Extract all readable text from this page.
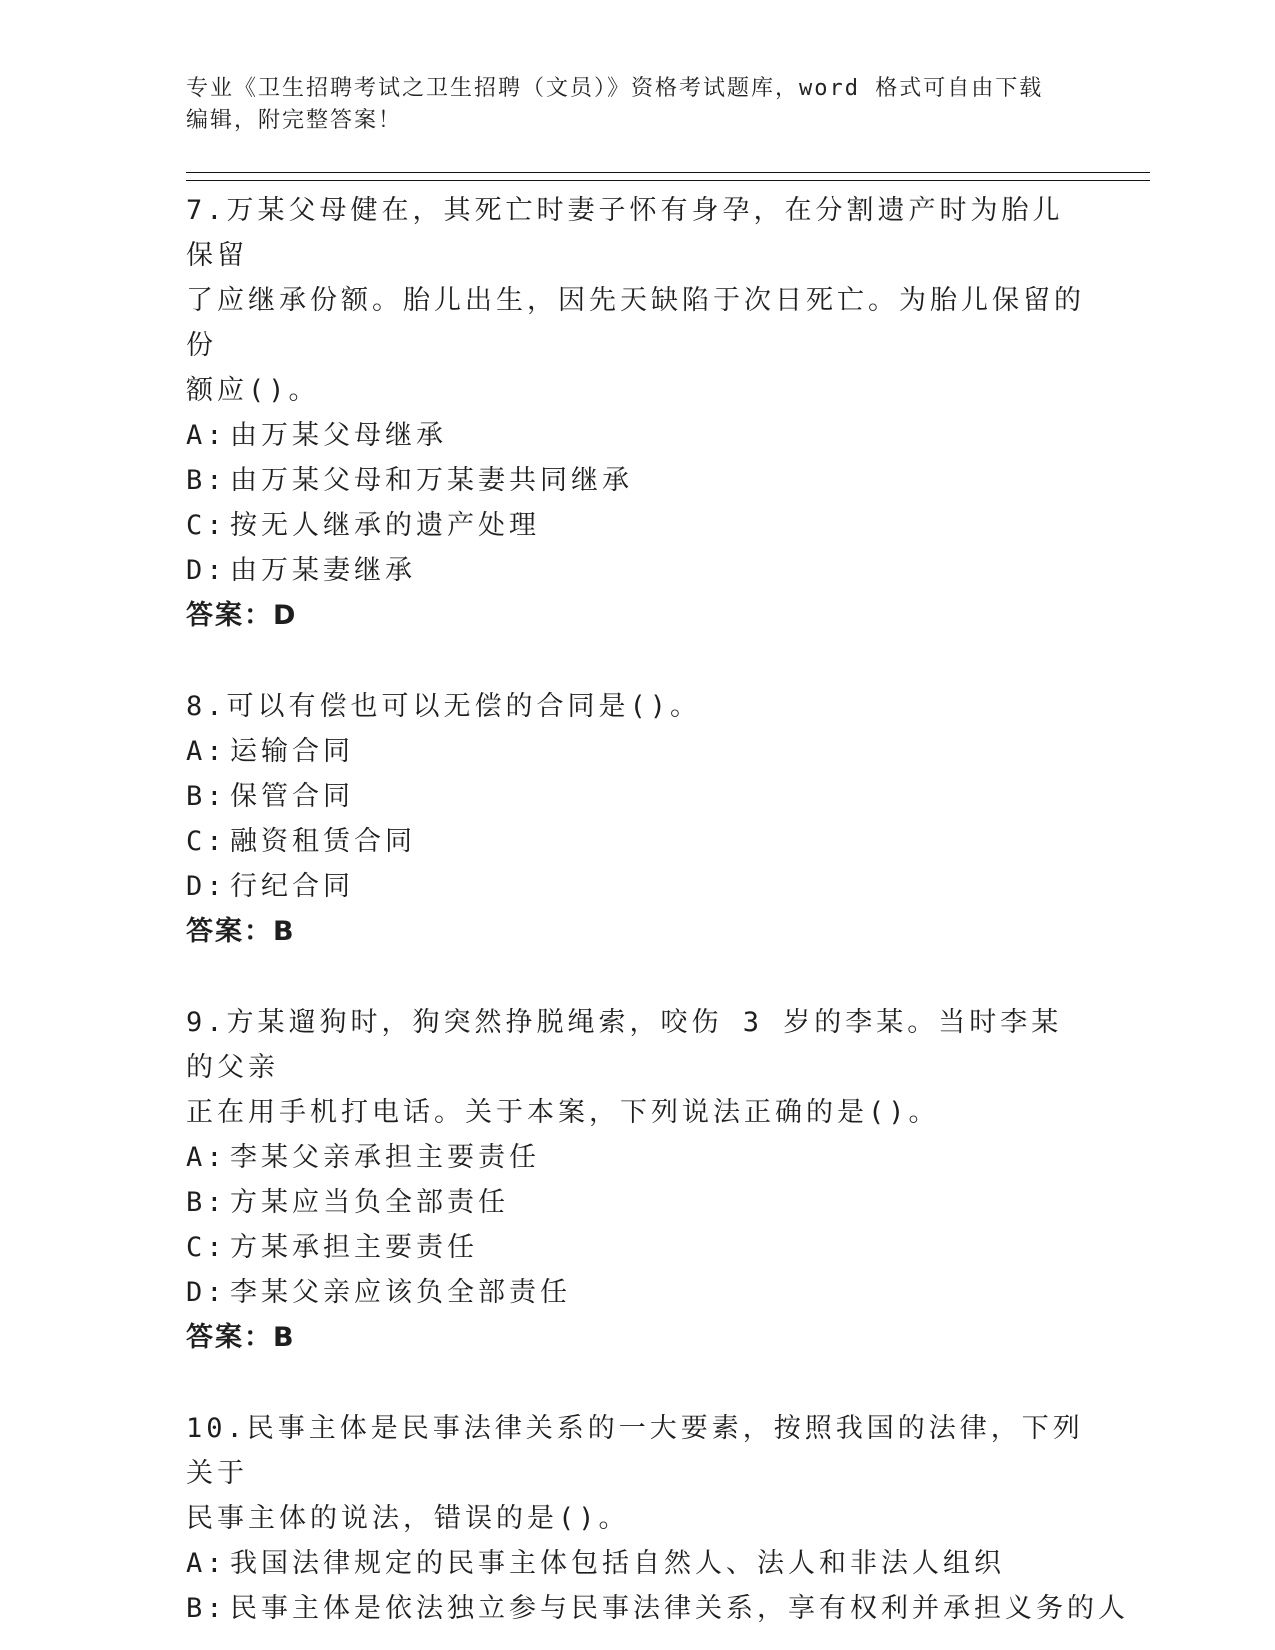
专业《卫生招聘考试之卫生招聘（文员）》资格考试题库，word 格式可自由下载
编辑，附完整答案！
7.万某父母健在，其死亡时妻子怀有身孕，在分割遗产时为胎儿保留
了应继承份额。胎儿出生，因先天缺陷于次日死亡。为胎儿保留的份
额应()。
A: 由万某父母继承
B: 由万某父母和万某妻共同继承
C: 按无人继承的遗产处理
D: 由万某妻继承
答案：D
8.可以有偿也可以无偿的合同是()。
A: 运输合同
B: 保管合同
C: 融资租赁合同
D: 行纪合同
答案：B
9.方某遛狗时，狗突然挣脱绳索，咬伤 3 岁的李某。当时李某的父亲
正在用手机打电话。关于本案，下列说法正确的是()。
A: 李某父亲承担主要责任
B: 方某应当负全部责任
C: 方某承担主要责任
D: 李某父亲应该负全部责任
答案：B
10.民事主体是民事法律关系的一大要素，按照我国的法律，下列关于
民事主体的说法，错误的是()。
A: 我国法律规定的民事主体包括自然人、法人和非法人组织
B: 民事主体是依法独立参与民事法律关系，享有权利并承担义务的人
